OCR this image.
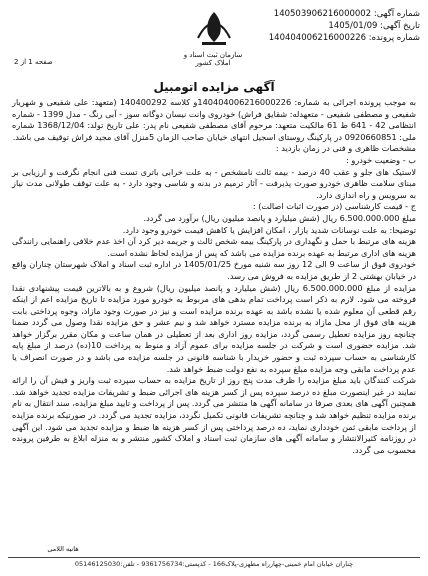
شماره آگهی: 140503906216000002
تاریخ آگهی: 1405/01/09
شماره پرونده: 140404006216000226
سازمان ثبت اسناد و املاک کشور
صفحه 1 از 2
آگهی مزایده اتومبیل

به موجب پرونده اجرائی به شماره: 140404006216000226و کلاسه 140400292 (متعهد: علی شفیعی و شهریار شفیعی و مصطفی شفیعی - متعهدله: شقایق فراش) خودروی وانت نیسان دوگانه سوز - آبی رنگ - مدل 1399 - شماره انتظامی 42 - 641 ط 61 مالکیت متعهد: مرحوم آقای مصطفی شفیعی نام پدر: علی تاریخ تولد: 1368/12/04 شماره ملی: 0920660851 در پارکینگ روستای اسجیل انتهای خیابان صاحب الزمان 5منزل آقای مجید فراش توقیف می باشد.

مشخصات ظاهری و فنی در زمان بازدید :

ب - وضعیت خودرو :

لاستیک های جلو و عقب 40 درصد - بیمه ثالث نامشخص - به علت خرابی باتری تست فنی انجام نگرفت و ارزیابی بر مبنای سلامت ظاهری خودرو صورت پذیرفت - آثار ترمیم در بدنه و شاسی وجود دارد - به علت توقف طولانی مدت نیاز به سرویس و راه اندازی دارد.

ج - قیمت کارشناسی (در صورت اثبات اصالت) :

مبلغ 6.500.000.000 ریال (شش میلیارد و پانصد میلیون ریال) برآورد می گردد.

توضیحا: به علت نوسانات شدید بازار ، امکان افزایش یا کاهش قیمت خودرو وجود دارد.

هزینه های مرتبط با حمل و نگهداری در پارکینگ بیمه شخص ثالث و جریمه دیر کرد آن اخذ عدم خلافی راهنمایی رانندگی هزینه های اداری مرتبط به عهده برنده مزایده می باشد که پس از مزایده لحاظ نشده است.

خودروی فوق از ساعت 9 الی 12 روز سه شنبه مورخ 1405/01/25 در اداره ثبت اسناد و املاک شهرستان چناران واقع در خیابان بهشتی 2 از طریق مزایده به فروش می رسد.

مزایده از مبلغ 6.500.000.000 ریال (شش میلیارد و پانصد میلیون ریال) شروع و به بالاترین قیمت پیشنهادی نقدا فروخته می شود. لازم به ذکر است پرداخت تمام بدهی های مربوط به خودرو مورد مزایده تا تاریخ مزایده اعم از اینکه رقم قطعی آن معلوم شده یا نشده باشد به عهده برنده مزایده است و نیز در صورت وجود مازاد، وجوه پرداختی بابت هزینه های فوق از محل مازاد به برنده مزایده مسترد خواهد شد و نیم عشر و حق مزایده نقدا وصول می گردد ضمنا چنانچه روز مزایده تعطیل رسمی گردد، مزایده روز اداری بعد از تعطیلی در همان ساعت و مکان مقرر برگزار خواهد شد. مزایده حضوری است و شرکت در جلسه مزایده برای عموم آزاد و منوط به پرداخت 10(ده) درصد از مبلغ پایه کارشناسی به حساب سپرده ثبت و حضور خریدار با شناسه قانونی در جلسه مزایده می باشد و در صورت انصراف یا عدم پرداخت مابقی وجه مزایده مبلغ سپرده به نفع دولت ضبط خواهد شد.

شرکت کنندگان باید مبلغ مزایده را ظرف مدت پنج روز از تاریخ مزایده به حساب سپرده ثبت واریز و فیش آن را ارائه نمایند در غیر اینصورت مبلغ ده درصد سپرده پس از کسر هزینه های اجرائی ضبط و تشریفات مزایده تجدید خواهد شد. همچنین آگهی های بعدی صرفا در سامانه آگهی ها منتشر می گردد. پس از پرداخت و تایید مبلغ مزایده، سند انتقال به نام برنده مزایده تنظیم خواهد شد و چنانچه تشریفات قانونی تکمیل نگردد، مزایده تجدید می گردد. در صورتیکه برنده مزایده از پرداخت مابقی ثمن خودداری نماید، ده درصد پرداختی پس از کسر هزینه ها ضبط و مزایده تجدید می شود. این آگهی در روزنامه کثیرالانتشار و سامانه آگهی های سازمان ثبت اسناد و املاک کشور منتشر و به منزله ابلاغ به طرفین پرونده محسوب می گردد.

هانیه اللامی
چناران خیابان امام خمینی-چهارراه مطهری-پلاک166 - کدپستی:9361756734 - تلفن:05146125030
